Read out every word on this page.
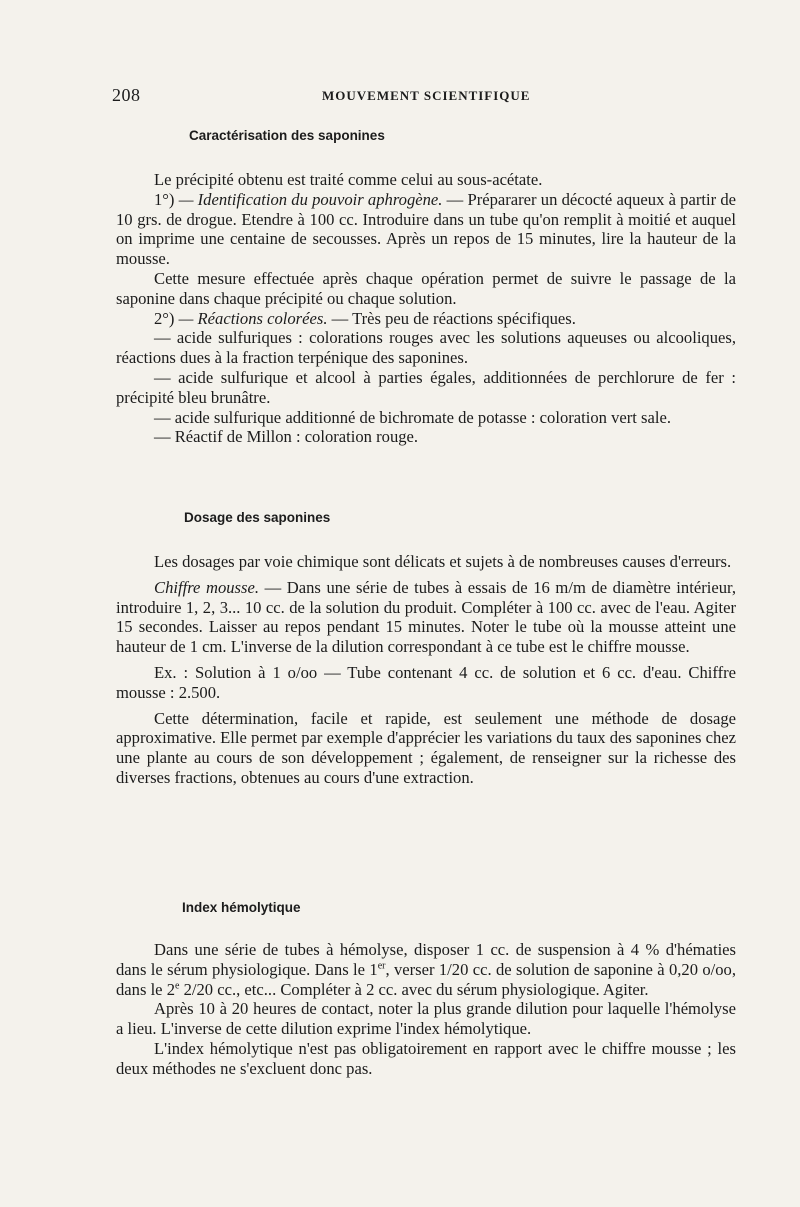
208	MOUVEMENT SCIENTIFIQUE
Caractérisation des saponines

Le précipité obtenu est traité comme celui au sous-acétate.

1°) — Identification du pouvoir aphrogène. — Prépararer un décocté aqueux à partir de 10 grs. de drogue. Etendre à 100 cc. Introduire dans un tube qu'on remplit à moitié et auquel on imprime une centaine de secousses. Après un repos de 15 minutes, lire la hauteur de la mousse.

Cette mesure effectuée après chaque opération permet de suivre le passage de la saponine dans chaque précipité ou chaque solution.

2°) — Réactions colorées. — Très peu de réactions spécifiques.

— acide sulfuriques : colorations rouges avec les solutions aqueuses ou alcooliques, réactions dues à la fraction terpénique des saponines.

— acide sulfurique et alcool à parties égales, additionnées de perchlorure de fer : précipité bleu brunâtre.

— acide sulfurique additionné de bichromate de potasse : coloration vert sale.

— Réactif de Millon : coloration rouge.

Dosage des saponines

Les dosages par voie chimique sont délicats et sujets à de nombreuses causes d'erreurs.

Chiffre mousse. — Dans une série de tubes à essais de 16 m/m de diamètre intérieur, introduire 1, 2, 3... 10 cc. de la solution du produit. Compléter à 100 cc. avec de l'eau. Agiter 15 secondes. Laisser au repos pendant 15 minutes. Noter le tube où la mousse atteint une hauteur de 1 cm. L'inverse de la dilution correspondant à ce tube est le chiffre mousse.

Ex. : Solution à 1 o/oo — Tube contenant 4 cc. de solution et 6 cc. d'eau. Chiffre mousse : 2.500.

Cette détermination, facile et rapide, est seulement une méthode de dosage approximative. Elle permet par exemple d'apprécier les variations du taux des saponines chez une plante au cours de son développement ; également, de renseigner sur la richesse des diverses fractions, obtenues au cours d'une extraction.

Index hémolytique

Dans une série de tubes à hémolyse, disposer 1 cc. de suspension à 4 % d'hématies dans le sérum physiologique. Dans le 1er, verser 1/20 cc. de solution de saponine à 0,20 o/oo, dans le 2e 2/20 cc., etc... Compléter à 2 cc. avec du sérum physiologique. Agiter.

Après 10 à 20 heures de contact, noter la plus grande dilution pour laquelle l'hémolyse a lieu. L'inverse de cette dilution exprime l'index hémolytique.

L'index hémolytique n'est pas obligatoirement en rapport avec le chiffre mousse ; les deux méthodes ne s'excluent donc pas.
